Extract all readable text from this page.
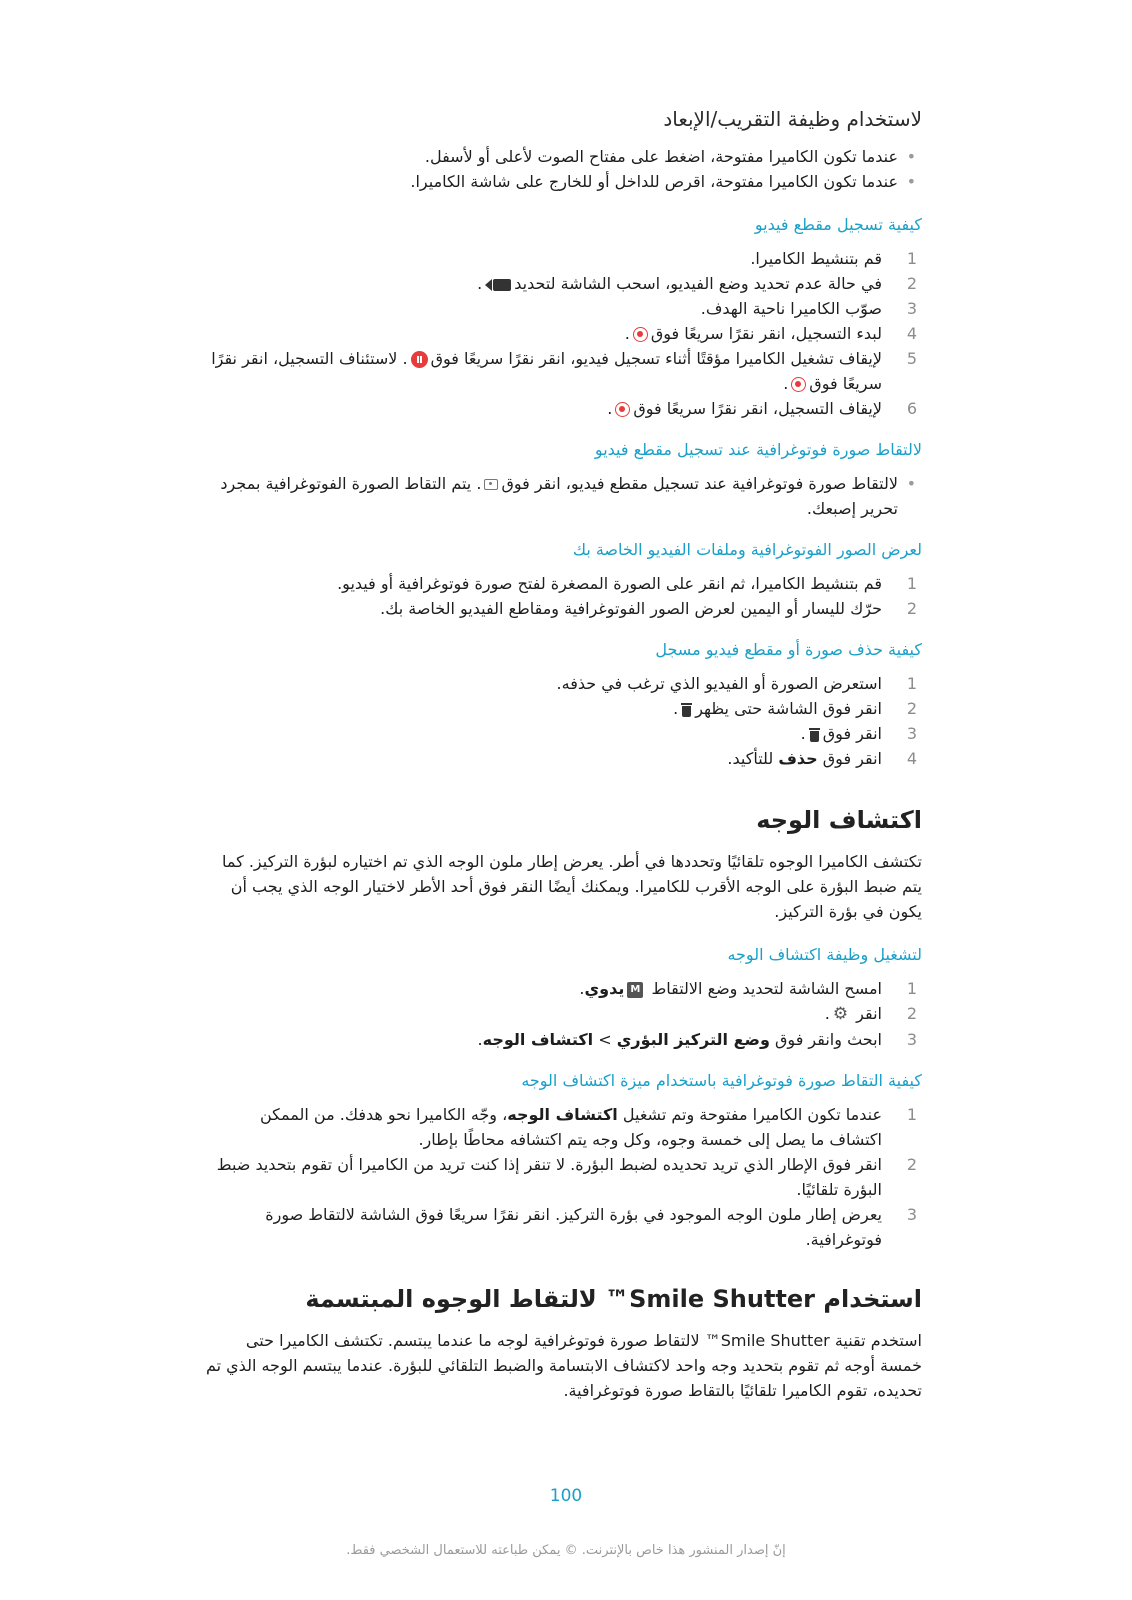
لاستخدام وظيفة التقريب/الإبعاد
• عندما تكون الكاميرا مفتوحة، اضغط على مفتاح الصوت لأعلى أو لأسفل.
• عندما تكون الكاميرا مفتوحة، اقرص للداخل أو للخارج على شاشة الكاميرا.
كيفية تسجيل مقطع فيديو
1
قم بتنشيط الكاميرا.
2
في حالة عدم تحديد وضع الفيديو، اسحب الشاشة لتحديد
.
3
صوّب الكاميرا ناحية الهدف.
4
لبدء التسجيل، انقر نقرًا سريعًا فوق.
5
لإيقاف تشغيل الكاميرا مؤقتًا أثناء تسجيل فيديو، انقر نقرًا سريعًا فوق. لاستئناف التسجيل، انقر نقرًا سريعًا فوق.
6
لإيقاف التسجيل، انقر نقرًا سريعًا فوق.
لالتقاط صورة فوتوغرافية عند تسجيل مقطع فيديو
• لالتقاط صورة فوتوغرافية عند تسجيل مقطع فيديو، انقر فوق. يتم التقاط الصورة الفوتوغرافية بمجرد تحرير إصبعك.
لعرض الصور الفوتوغرافية وملفات الفيديو الخاصة بك
1
قم بتنشيط الكاميرا، ثم انقر على الصورة المصغرة لفتح صورة فوتوغرافية أو فيديو.
2
حرّك لليسار أو اليمين لعرض الصور الفوتوغرافية ومقاطع الفيديو الخاصة بك.
كيفية حذف صورة أو مقطع فيديو مسجل
1
استعرض الصورة أو الفيديو الذي ترغب في حذفه.
2
انقر فوق الشاشة حتى يظهر
.
3
انقر فوق
.
4
انقر فوق حذف للتأكيد.
اكتشاف الوجه

تكتشف الكاميرا الوجوه تلقائيًا وتحددها في أطر. يعرض إطار ملون الوجه الذي تم اختياره لبؤرة التركيز. كما يتم ضبط البؤرة على الوجه الأقرب للكاميرا. ويمكنك أيضًا النقر فوق أحد الأطر لاختيار الوجه الذي يجب أن يكون في بؤرة التركيز.

لتشغيل وظيفة اكتشاف الوجه
1
امسح الشاشة لتحديد وضع الالتقاط Mيدوي.
2
انقر ⚙.
3
ابحث وانقر فوق وضع التركيز البؤري > اكتشاف الوجه.
كيفية التقاط صورة فوتوغرافية باستخدام ميزة اكتشاف الوجه
1
عندما تكون الكاميرا مفتوحة وتم تشغيل اكتشاف الوجه، وجّه الكاميرا نحو هدفك. من الممكن اكتشاف ما يصل إلى خمسة وجوه، وكل وجه يتم اكتشافه محاطًا بإطار.
2
انقر فوق الإطار الذي تريد تحديده لضبط البؤرة. لا تنقر إذا كنت تريد من الكاميرا أن تقوم بتحديد ضبط البؤرة تلقائيًا.
3
يعرض إطار ملون الوجه الموجود في بؤرة التركيز. انقر نقرًا سريعًا فوق الشاشة لالتقاط صورة فوتوغرافية.
استخدام Smile Shutter™ لالتقاط الوجوه المبتسمة

استخدم تقنية Smile Shutter™ لالتقاط صورة فوتوغرافية لوجه ما عندما يبتسم. تكتشف الكاميرا حتى خمسة أوجه ثم تقوم بتحديد وجه واحد لاكتشاف الابتسامة والضبط التلقائي للبؤرة. عندما يبتسم الوجه الذي تم تحديده، تقوم الكاميرا تلقائيًا بالتقاط صورة فوتوغرافية.

100
إنّ إصدار المنشور هذا خاص بالإنترنت. © يمكن طباعته للاستعمال الشخصي فقط.
